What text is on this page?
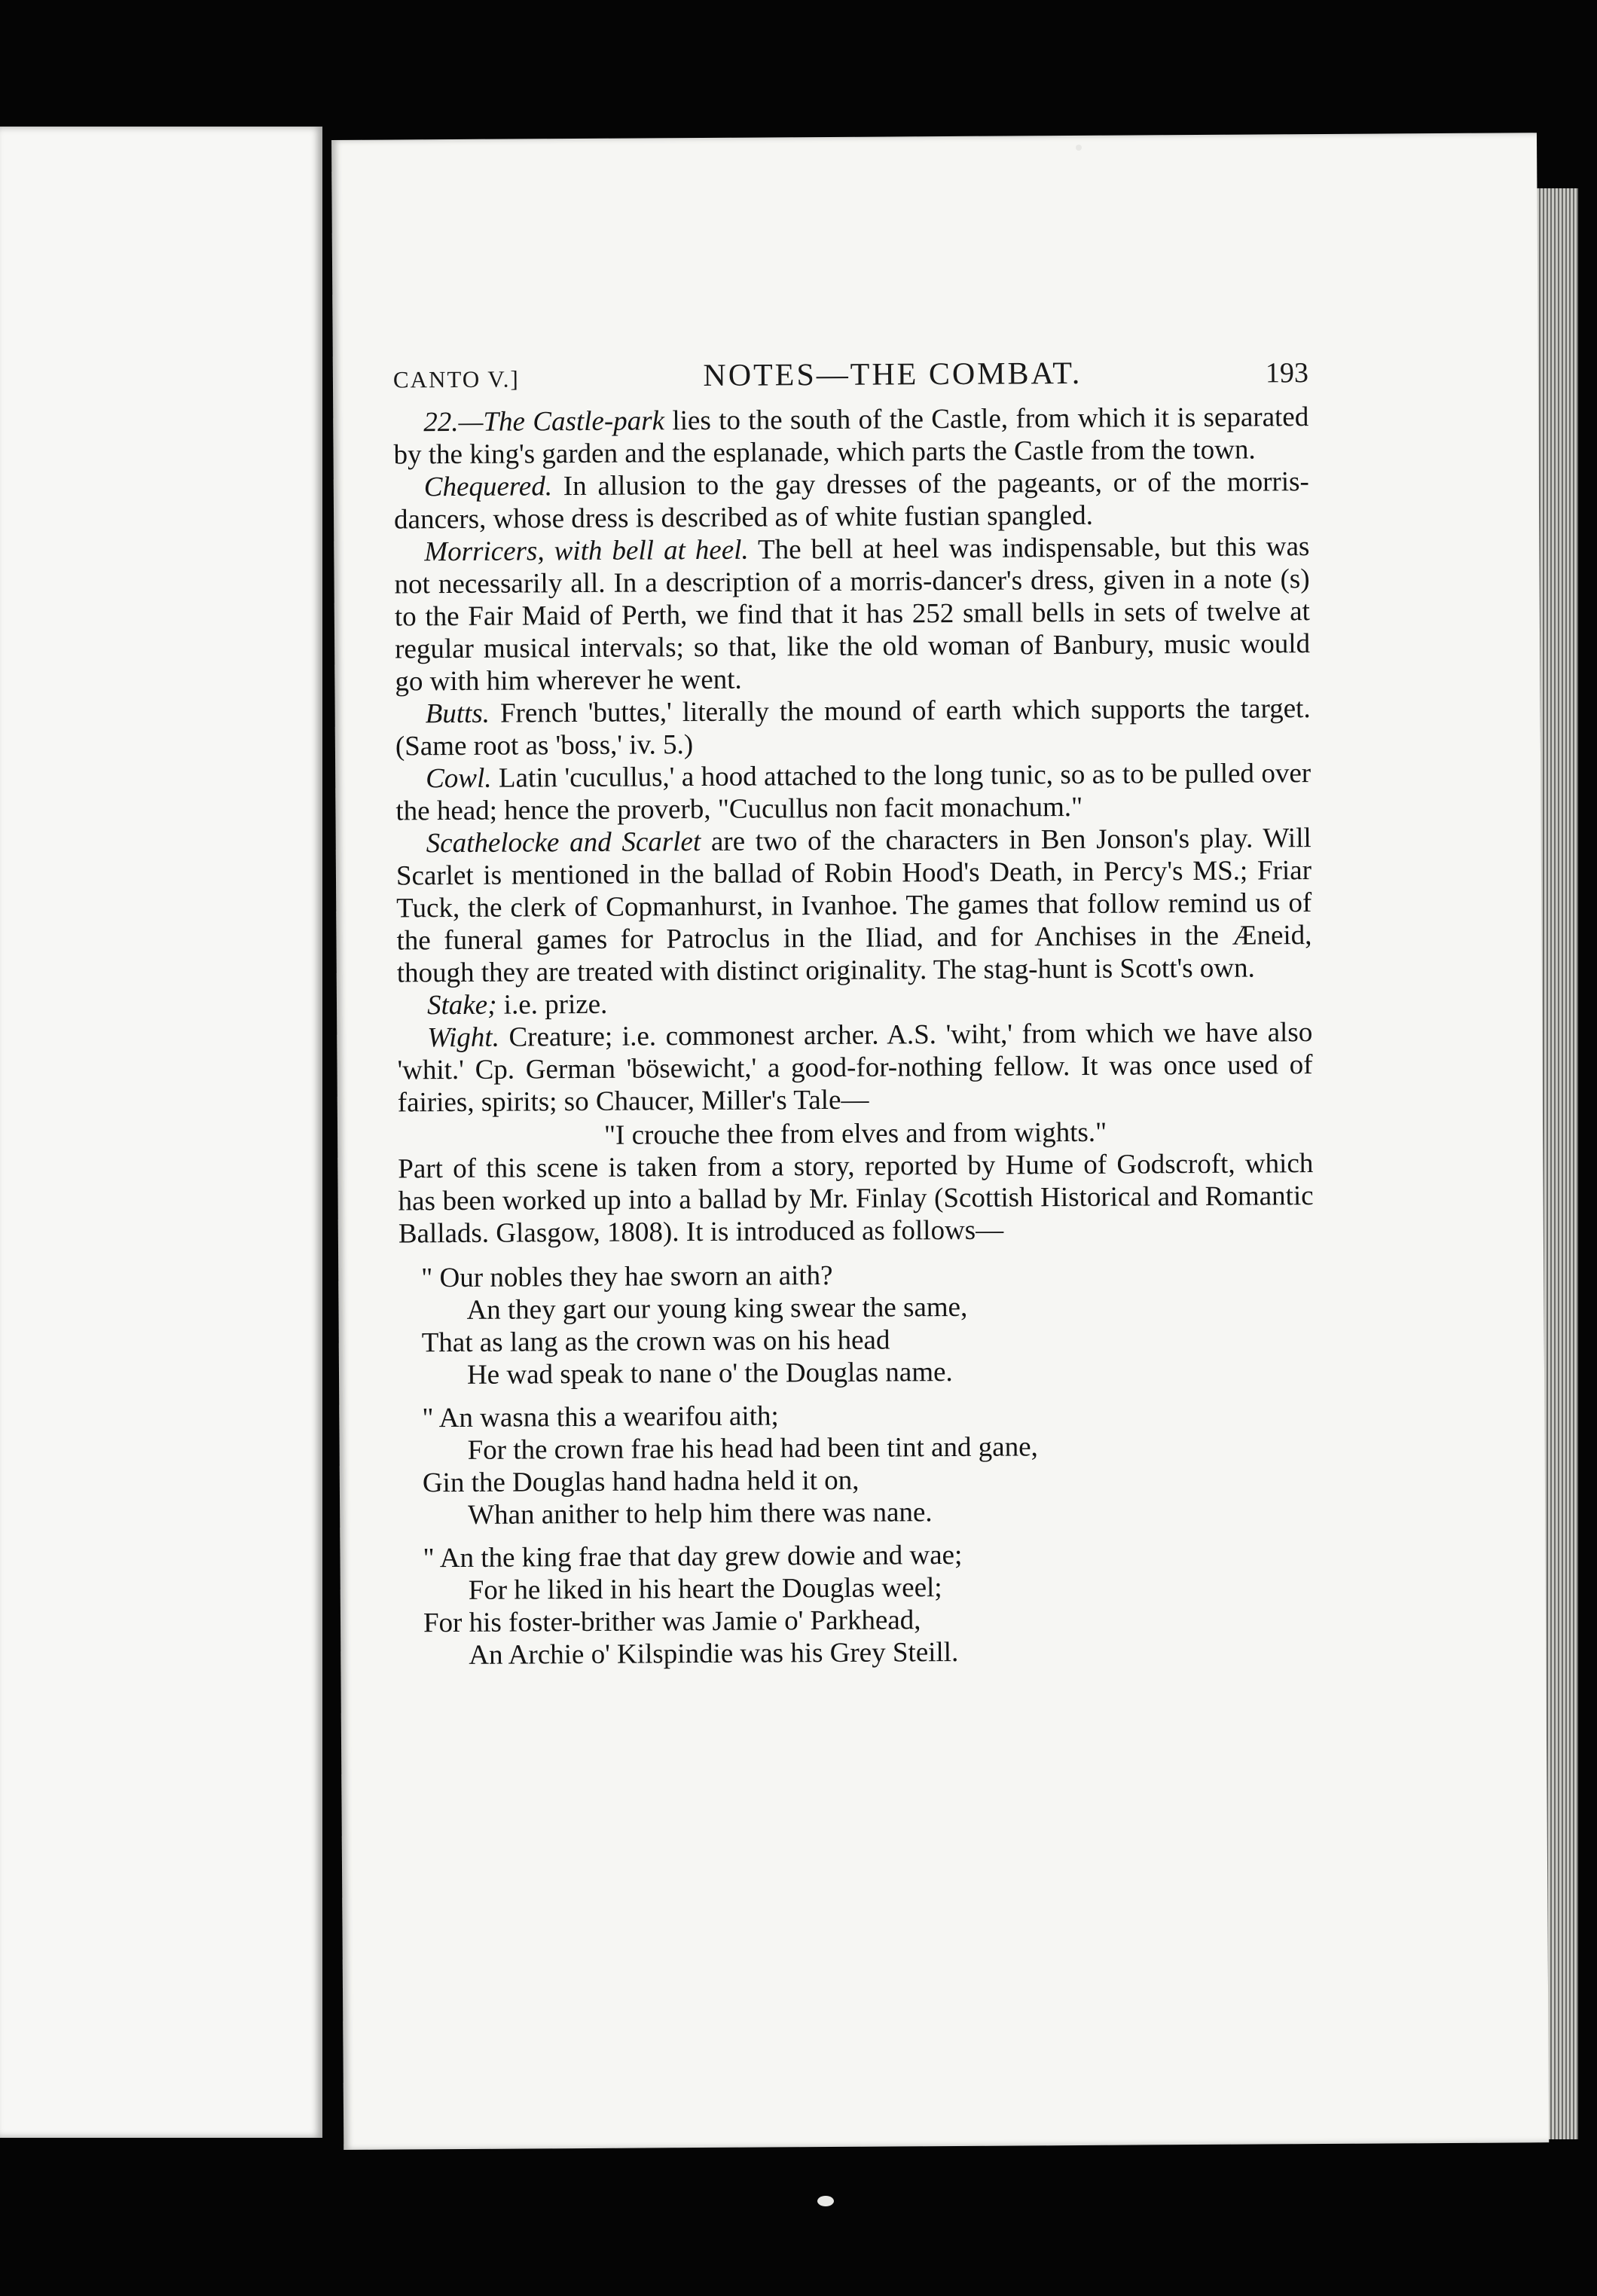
CANTO V.]	NOTES—THE COMBAT.	193

22.—The Castle-park lies to the south of the Castle, from which it is separated by the king's garden and the esplanade, which parts the Castle from the town.

Chequered. In allusion to the gay dresses of the pageants, or of the morris-dancers, whose dress is described as of white fustian spangled.

Morricers, with bell at heel. The bell at heel was indispensable, but this was not necessarily all. In a description of a morris-dancer's dress, given in a note (s) to the Fair Maid of Perth, we find that it has 252 small bells in sets of twelve at regular musical intervals; so that, like the old woman of Banbury, music would go with him wherever he went.

Butts. French 'buttes,' literally the mound of earth which supports the target. (Same root as 'boss,' iv. 5.)

Cowl. Latin 'cucullus,' a hood attached to the long tunic, so as to be pulled over the head; hence the proverb, "Cucullus non facit monachum."

Scathelocke and Scarlet are two of the characters in Ben Jonson's play. Will Scarlet is mentioned in the ballad of Robin Hood's Death, in Percy's MS.; Friar Tuck, the clerk of Copmanhurst, in Ivanhoe. The games that follow remind us of the funeral games for Patroclus in the Iliad, and for Anchises in the Æneid, though they are treated with distinct originality. The stag-hunt is Scott's own.

Stake; i.e. prize.

Wight. Creature; i.e. commonest archer. A.S. 'wiht,' from which we have also 'whit.' Cp. German 'bösewicht,' a good-for-nothing fellow. It was once used of fairies, spirits; so Chaucer, Miller's Tale—

"I crouche thee from elves and from wights."

Part of this scene is taken from a story, reported by Hume of Godscroft, which has been worked up into a ballad by Mr. Finlay (Scottish Historical and Romantic Ballads. Glasgow, 1808). It is introduced as follows—

" Our nobles they hae sworn an aith?
An they gart our young king swear the same,
That as lang as the crown was on his head
He wad speak to nane o' the Douglas name.
" An wasna this a wearifou aith;
For the crown frae his head had been tint and gane,
Gin the Douglas hand hadna held it on,
Whan anither to help him there was nane.
" An the king frae that day grew dowie and wae;
For he liked in his heart the Douglas weel;
For his foster-brither was Jamie o' Parkhead,
An Archie o' Kilspindie was his Grey Steill.
